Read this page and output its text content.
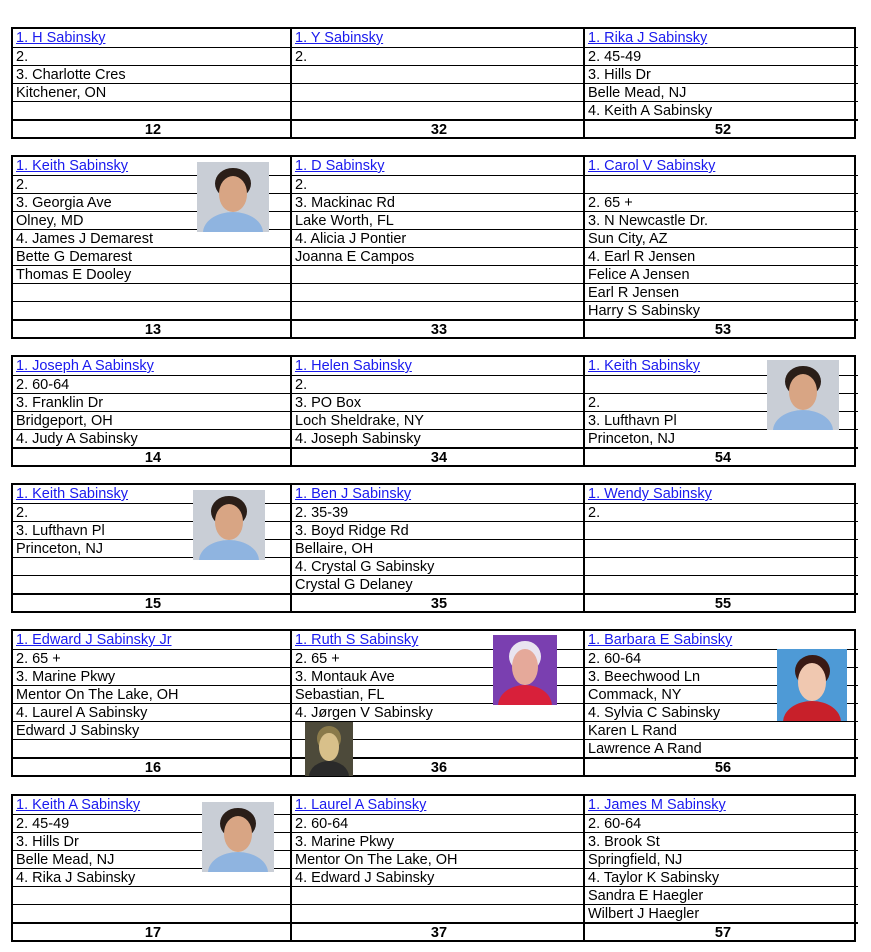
1. H Sabinsky
2.
3. Charlotte Cres
Kitchener, ON
12
1. Y Sabinsky
2.
32
1. Rika J Sabinsky
2. 45-49
3. Hills Dr
Belle Mead, NJ
4. Keith A Sabinsky
52
1. Keith Sabinsky
2.
3. Georgia Ave
Olney, MD
4. James J Demarest
Bette G Demarest
Thomas E Dooley
13
1. D Sabinsky
2.
3. Mackinac Rd
Lake Worth, FL
4. Alicia J Pontier
Joanna E Campos
33
1. Carol V Sabinsky
2. 65 +
3. N Newcastle Dr.
Sun City, AZ
4. Earl R Jensen
Felice A Jensen
Earl R Jensen
Harry S Sabinsky
53
1. Joseph A Sabinsky
2. 60-64
3. Franklin Dr
Bridgeport, OH
4. Judy A Sabinsky
14
1. Helen Sabinsky
2.
3. PO Box
Loch Sheldrake, NY
4. Joseph Sabinsky
34
1. Keith Sabinsky
2.
3. Lufthavn Pl
Princeton, NJ
54
1. Keith Sabinsky
2.
3. Lufthavn Pl
Princeton, NJ
15
1. Ben J Sabinsky
2. 35-39
3. Boyd Ridge Rd
Bellaire, OH
4. Crystal G Sabinsky
Crystal G Delaney
35
1. Wendy Sabinsky
2.
55
1. Edward J Sabinsky Jr
2. 65 +
3. Marine Pkwy
Mentor On The Lake, OH
4. Laurel A Sabinsky
Edward J Sabinsky
16
1. Ruth S Sabinsky
2. 65 +
3. Montauk Ave
Sebastian, FL
4. Jørgen V Sabinsky
36
1. Barbara E Sabinsky
2. 60-64
3. Beechwood Ln
Commack, NY
4. Sylvia C Sabinsky
Karen L Rand
Lawrence A Rand
56
1. Keith A Sabinsky
2. 45-49
3. Hills Dr
Belle Mead, NJ
4. Rika J Sabinsky
17
1. Laurel A Sabinsky
2. 60-64
3. Marine Pkwy
Mentor On The Lake, OH
4. Edward J Sabinsky
37
1. James M Sabinsky
2. 60-64
3. Brook St
Springfield, NJ
4. Taylor K Sabinsky
Sandra E Haegler
Wilbert J Haegler
57
